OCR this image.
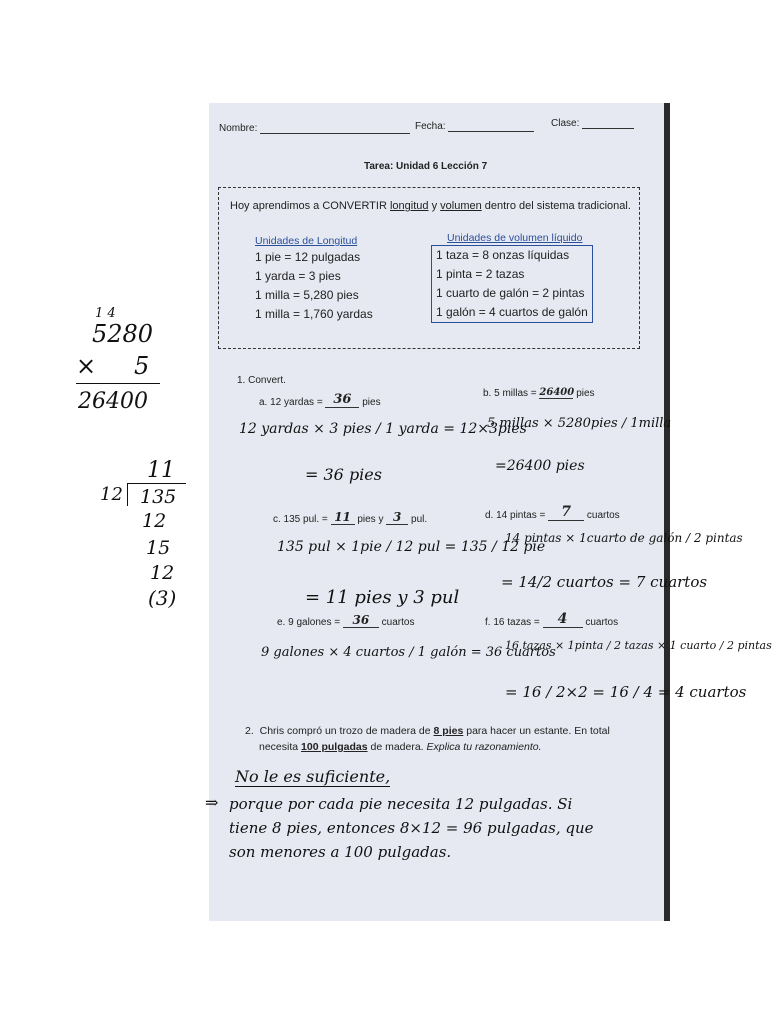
1 4
5280
× 5
26400
11
12 135
12
15
12
(3)
Nombre:	Fecha:	Clase:
Tarea: Unidad 6 Lección 7
Hoy aprendimos a CONVERTIR longitud y volumen dentro del sistema tradicional.
Unidades de Longitud
1 pie = 12 pulgadas
1 yarda = 3 pies
1 milla = 5,280 pies
1 milla = 1,760 yardas
Unidades de volumen líquido
1 taza = 8 onzas líquidas
1 pinta = 2 tazas
1 cuarto de galón = 2 pintas
1 galón = 4 cuartos de galón
1. Convert.
a. 12 yardas = 36 pies
12 yardas × 3 pies / 1 yarda = 12×3pies
= 36 pies
b. 5 millas = 26400 pies
5 millas × 5280pies / 1milla
=26400 pies
c. 135 pul. = 11 pies y 3 pul.
135 pul × 1pie / 12 pul = 135 / 12 pie
= 11 pies y 3 pul
d. 14 pintas = 7 cuartos
14 pintas × 1cuarto de galón / 2 pintas
= 14/2 cuartos = 7 cuartos
e. 9 galones = 36 cuartos
9 galones × 4 cuartos / 1 galón = 36 cuartos
f. 16 tazas = 4 cuartos
16 tazas × 1pinta / 2 tazas × 1 cuarto / 2 pintas
= 16 / 2×2 = 16 / 4 = 4 cuartos
2. Chris compró un trozo de madera de 8 pies para hacer un estante. En total
necesita 100 pulgadas de madera. Explica tu razonamiento.
No le es suficiente,
⇒ porque por cada pie necesita 12 pulgadas. Si
tiene 8 pies, entonces 8×12 = 96 pulgadas, que
son menores a 100 pulgadas.
